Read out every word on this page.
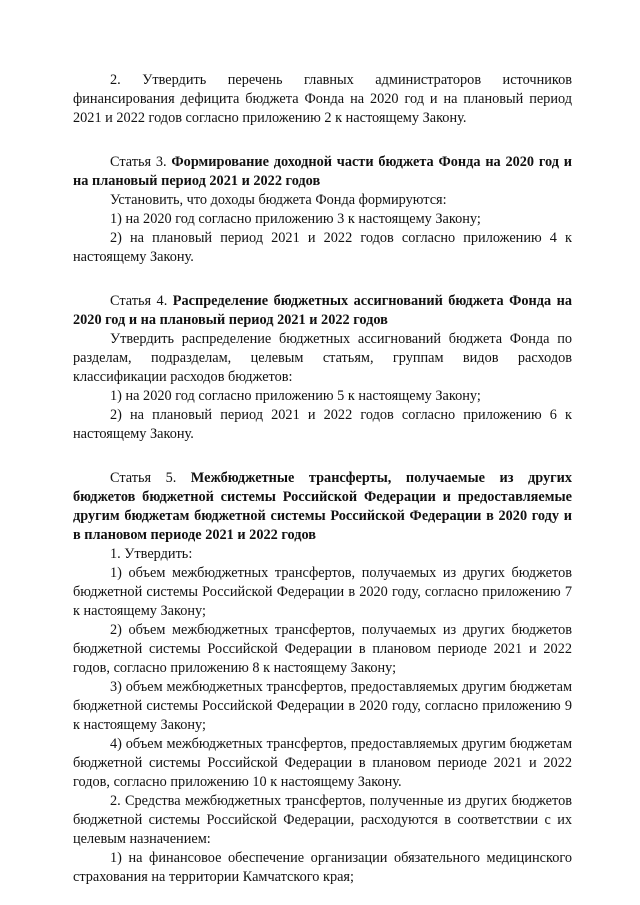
2. Утвердить перечень главных администраторов источников финансирования дефицита бюджета Фонда на 2020 год и на плановый период 2021 и 2022 годов согласно приложению 2 к настоящему Закону.

Статья 3. Формирование доходной части бюджета Фонда на 2020 год и на плановый период 2021 и 2022 годов

Установить, что доходы бюджета Фонда формируются:

1) на 2020 год согласно приложению 3 к настоящему Закону;

2) на плановый период 2021 и 2022 годов согласно приложению 4 к настоящему Закону.

Статья 4. Распределение бюджетных ассигнований бюджета Фонда на 2020 год и на плановый период 2021 и 2022 годов

Утвердить распределение бюджетных ассигнований бюджета Фонда по разделам, подразделам, целевым статьям, группам видов расходов классификации расходов бюджетов:

1) на 2020 год согласно приложению 5 к настоящему Закону;

2) на плановый период 2021 и 2022 годов согласно приложению 6 к настоящему Закону.

Статья 5. Межбюджетные трансферты, получаемые из других бюджетов бюджетной системы Российской Федерации и предоставляемые другим бюджетам бюджетной системы Российской Федерации в 2020 году и в плановом периоде 2021 и 2022 годов

1. Утвердить:

1) объем межбюджетных трансфертов, получаемых из других бюджетов бюджетной системы Российской Федерации в 2020 году, согласно приложению 7 к настоящему Закону;

2) объем межбюджетных трансфертов, получаемых из других бюджетов бюджетной системы Российской Федерации в плановом периоде 2021 и 2022 годов, согласно приложению 8 к настоящему Закону;

3) объем межбюджетных трансфертов, предоставляемых другим бюджетам бюджетной системы Российской Федерации в 2020 году, согласно приложению 9 к настоящему Закону;

4) объем межбюджетных трансфертов, предоставляемых другим бюджетам бюджетной системы Российской Федерации в плановом периоде 2021 и 2022 годов, согласно приложению 10 к настоящему Закону.

2. Средства межбюджетных трансфертов, полученные из других бюджетов бюджетной системы Российской Федерации, расходуются в соответствии с их целевым назначением:

1) на финансовое обеспечение организации обязательного медицинского страхования на территории Камчатского края;
